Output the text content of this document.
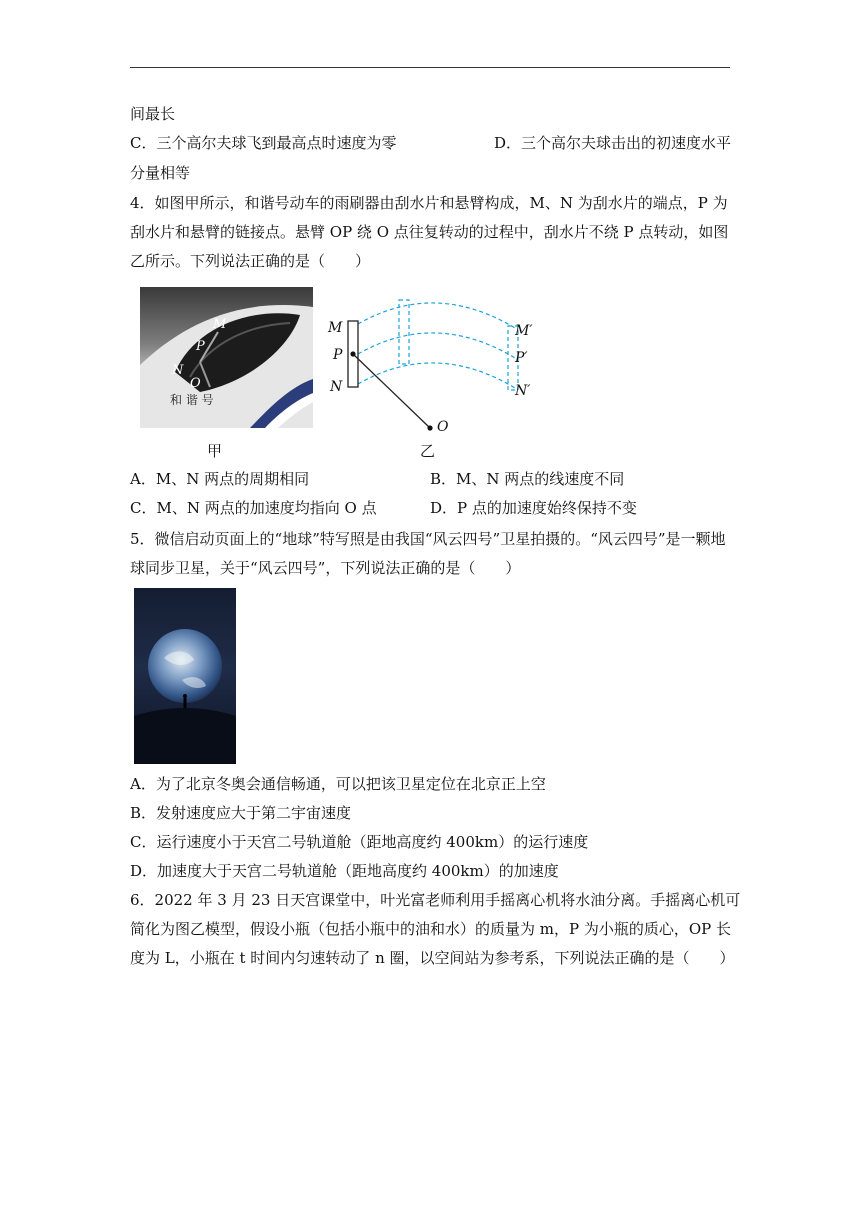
间最长
C．三个高尔夫球飞到最高点时速度为零	D．三个高尔夫球击出的初速度水平
分量相等
4．如图甲所示，和谐号动车的雨刷器由刮水片和悬臂构成，M、N 为刮水片的端点，P 为
刮水片和悬臂的链接点。悬臂 OP 绕 O 点往复转动的过程中，刮水片不绕 P 点转动，如图
乙所示。下列说法正确的是（　　）
M
P
N
O
和 谐 号
甲
M
P
N
M′
P′
N′
O
乙
A．M、N 两点的周期相同	B．M、N 两点的线速度不同
C．M、N 两点的加速度均指向 O 点	D．P 点的加速度始终保持不变
5．微信启动页面上的“地球”特写照是由我国“风云四号”卫星拍摄的。“风云四号”是一颗地
球同步卫星，关于“风云四号”，下列说法正确的是（　　）
A．为了北京冬奥会通信畅通，可以把该卫星定位在北京正上空
B．发射速度应大于第二宇宙速度
C．运行速度小于天宫二号轨道舱（距地高度约 400km）的运行速度
D．加速度大于天宫二号轨道舱（距地高度约 400km）的加速度
6．2022 年 3 月 23 日天宫课堂中，叶光富老师利用手摇离心机将水油分离。手摇离心机可
简化为图乙模型，假设小瓶（包括小瓶中的油和水）的质量为 m，P 为小瓶的质心，OP 长
度为 L，小瓶在 t 时间内匀速转动了 n 圈，以空间站为参考系，下列说法正确的是（　　）
